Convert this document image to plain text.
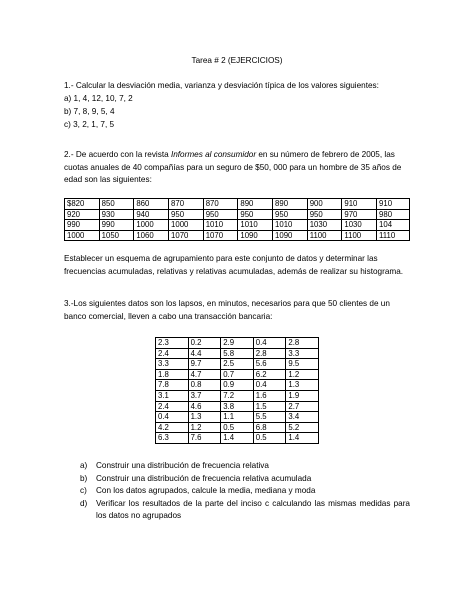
Tarea # 2 (EJERCICIOS)
1.- Calcular la desviación media, varianza y desviación típica de los valores siguientes:
a) 1, 4, 12, 10, 7, 2
b) 7, 8, 9, 5, 4
c) 3, 2, 1, 7, 5
2.- De acuerdo con la revista Informes al consumidor en su número de febrero de 2005, las cuotas anuales de 40 compañías para un seguro de $50, 000 para un hombre de 35 años de edad son las siguientes:
$820	850	860	870	870	890	890	900	910	910
920	930	940	950	950	950	950	950	970	980
990	990	1000	1000	1010	1010	1010	1030	1030	104
1000	1050	1060	1070	1070	1090	1090	1100	1100	1110
Establecer un esquema de agrupamiento para este conjunto de datos y determinar las frecuencias acumuladas, relativas y relativas acumuladas, además de realizar su histograma.
3.-Los siguientes datos son los lapsos, en minutos, necesarios para que 50 clientes de un banco comercial, lleven a cabo una transacción bancaria:
2.3	0.2	2.9	0.4	2.8
2.4	4.4	5.8	2.8	3.3
3.3	9.7	2.5	5.6	9.5
1.8	4.7	0.7	6.2	1.2
7.8	0.8	0.9	0.4	1.3
3.1	3.7	7.2	1.6	1.9
2.4	4.6	3.8	1.5	2.7
0.4	1.3	1.1	5.5	3.4
4.2	1.2	0.5	6.8	5.2
6.3	7.6	1.4	0.5	1.4
a)	Construir una distribución de frecuencia relativa
b)	Construir una distribución de frecuencia relativa acumulada
c)	Con los datos agrupados, calcule la media, mediana y moda
d)	Verificar los resultados de la parte del inciso c calculando las mismas medidas para los datos no agrupados
